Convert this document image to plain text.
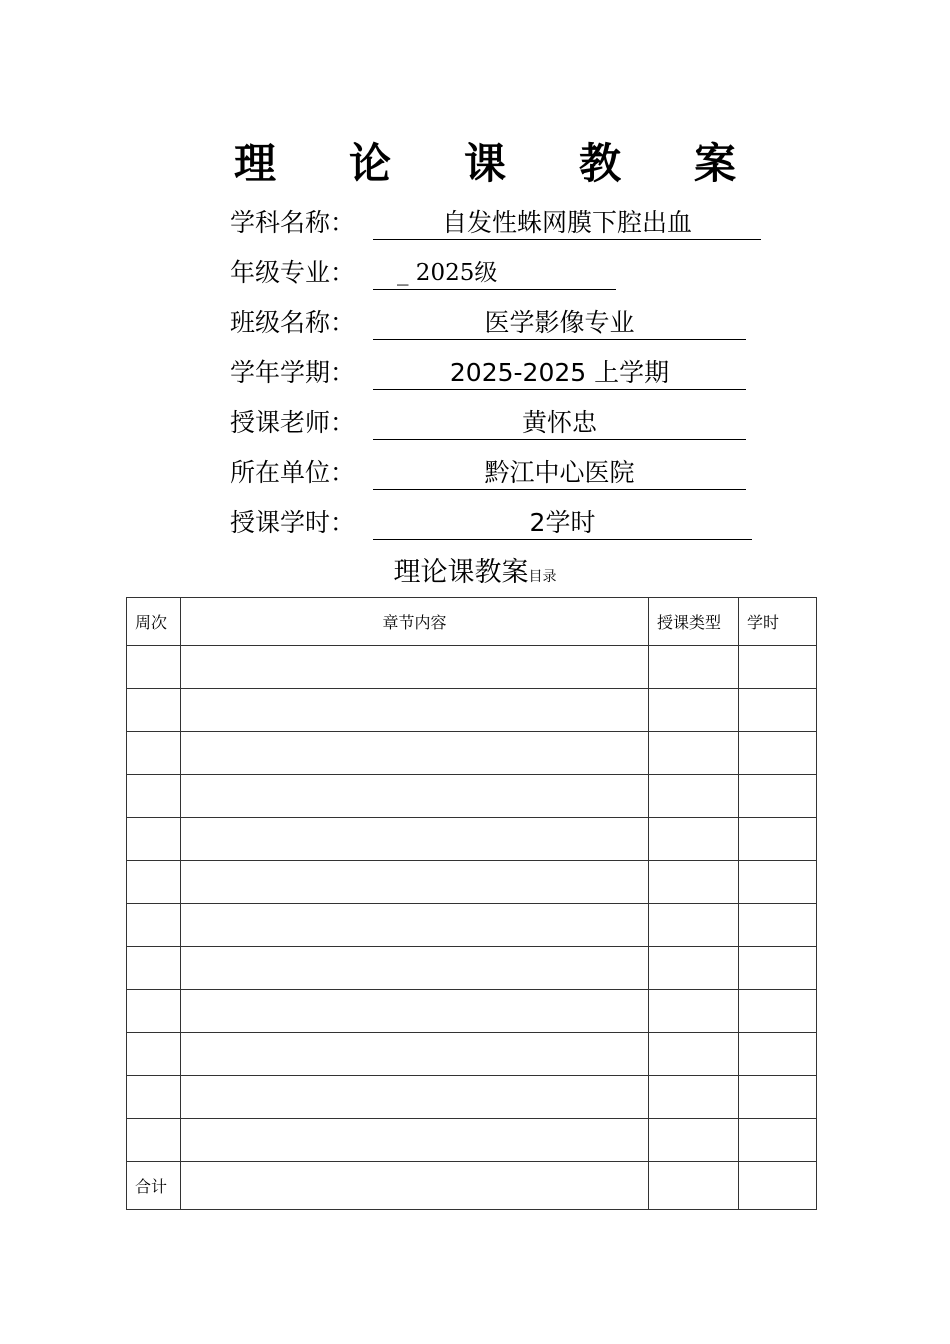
理 论 课 教 案
学科名称：	自发性蛛网膜下腔出血
年级专业：	_ 2025级
班级名称：	医学影像专业
学年学期：	2025-2025 上学期
授课老师：	黄怀忠
所在单位：	黔江中心医院
授课学时：	2学时
理论课教案目录
周次	章节内容	授课类型	学时

合计			
